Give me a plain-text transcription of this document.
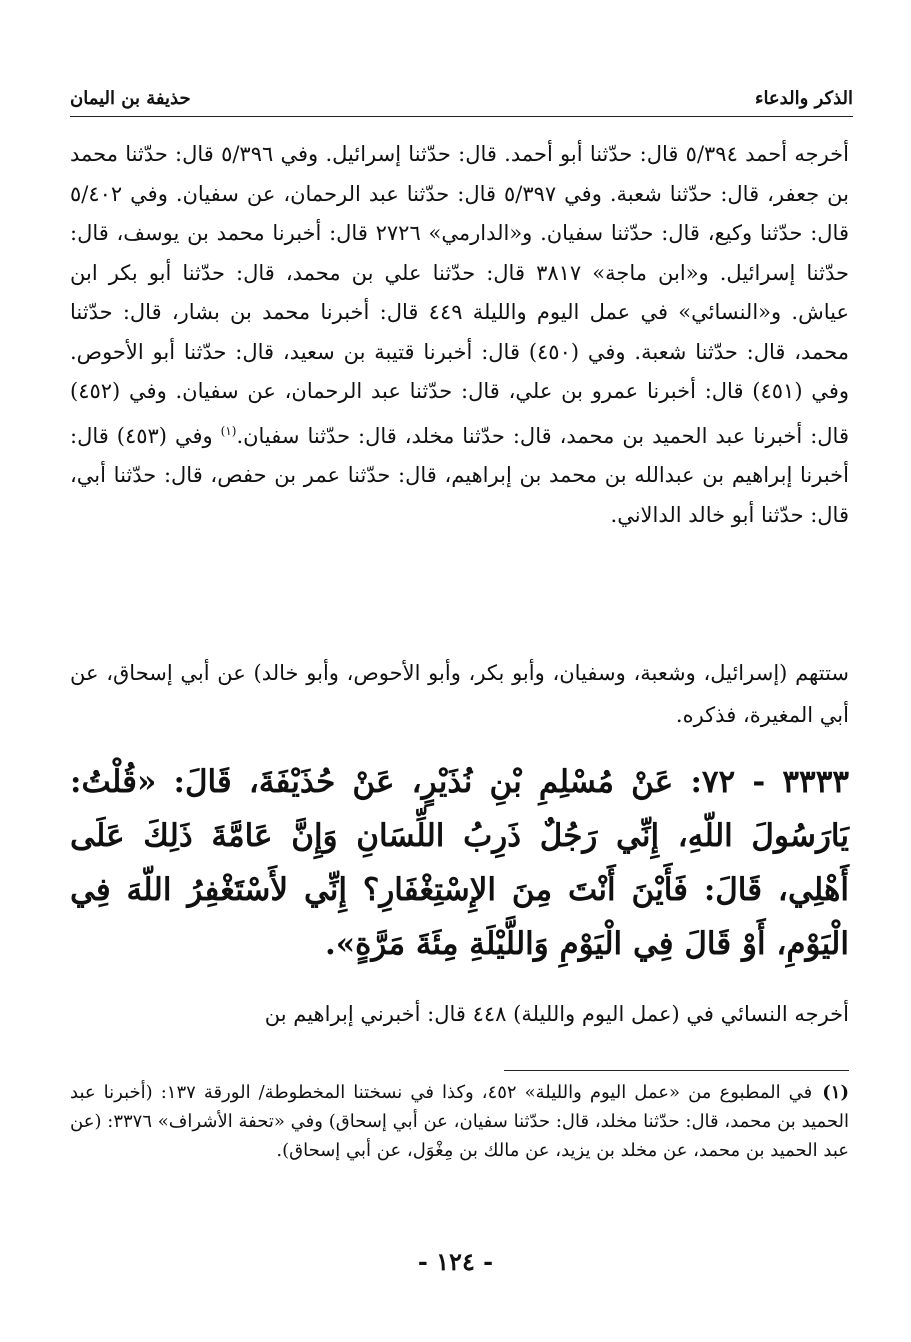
الذكر والدعاء
حذيفة بن اليمان
أخرجه أحمد ٥/٣٩٤ قال: حدّثنا أبو أحمد. قال: حدّثنا إسرائيل. وفي ٥/٣٩٦ قال: حدّثنا محمد بن جعفر، قال: حدّثنا شعبة. وفي ٥/٣٩٧ قال: حدّثنا عبد الرحمان، عن سفيان. وفي ٥/٤٠٢ قال: حدّثنا وكيع، قال: حدّثنا سفيان. و«الدارمي» ٢٧٢٦ قال: أخبرنا محمد بن يوسف، قال: حدّثنا إسرائيل. و«ابن ماجة» ٣٨١٧ قال: حدّثنا علي بن محمد، قال: حدّثنا أبو بكر ابن عياش. و«النسائي» في عمل اليوم والليلة ٤٤٩ قال: أخبرنا محمد بن بشار، قال: حدّثنا محمد، قال: حدّثنا شعبة. وفي (٤٥٠) قال: أخبرنا قتيبة بن سعيد، قال: حدّثنا أبو الأحوص. وفي (٤٥١) قال: أخبرنا عمرو بن علي، قال: حدّثنا عبد الرحمان، عن سفيان. وفي (٤٥٢) قال: أخبرنا عبد الحميد بن محمد، قال: حدّثنا مخلد، قال: حدّثنا سفيان.$^{(١)}$ وفي (٤٥٣) قال: أخبرنا إبراهيم بن عبدالله بن محمد بن إبراهيم، قال: حدّثنا عمر بن حفص، قال: حدّثنا أبي، قال: حدّثنا أبو خالد الدالاني.
ستتهم (إسرائيل، وشعبة، وسفيان، وأبو بكر، وأبو الأحوص، وأبو خالد) عن أبي إسحاق، عن أبي المغيرة، فذكره.
٣٣٣٣ - ٧٢: عَنْ مُسْلِمِ بْنِ نُذَيْرٍ، عَنْ حُذَيْفَةَ، قَالَ: «قُلْتُ: يَارَسُولَ اللّهِ، إِنِّي رَجُلٌ ذَرِبُ اللِّسَانِ وَإِنَّ عَامَّةَ ذَلِكَ عَلَى أَهْلِي، قَالَ: فَأَيْنَ أَنْتَ مِنَ الإِسْتِغْفَارِ؟ إِنِّي لأَسْتَغْفِرُ اللّهَ فِي الْيَوْمِ، أَوْ قَالَ فِي الْيَوْمِ وَاللَّيْلَةِ مِئَةَ مَرَّةٍ».
أخرجه النسائي في (عمل اليوم والليلة) ٤٤٨ قال: أخبرني إبراهيم بن
(١)في المطبوع من «عمل اليوم والليلة» ٤٥٢، وكذا في نسختنا المخطوطة/ الورقة ١٣٧: (أخبرنا عبد الحميد بن محمد، قال: حدّثنا مخلد، قال: حدّثنا سفيان، عن أبي إسحاق) وفي «تحفة الأشراف» ٣٣٧٦: (عن عبد الحميد بن محمد، عن مخلد بن يزيد، عن مالك بن مِغْوَل، عن أبي إسحاق).
- ١٢٤ -
